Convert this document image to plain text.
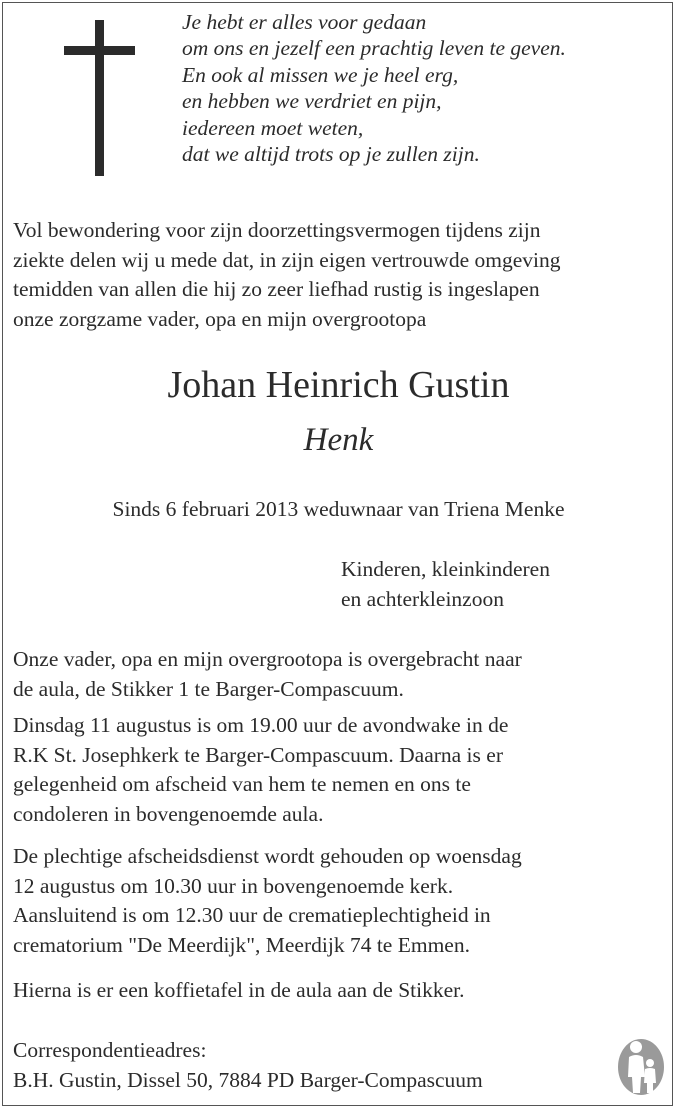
Je hebt er alles voor gedaan
om ons en jezelf een prachtig leven te geven.
En ook al missen we je heel erg,
en hebben we verdriet en pijn,
iedereen moet weten,
dat we altijd trots op je zullen zijn.
Vol bewondering voor zijn doorzettingsvermogen tijdens zijn
ziekte delen wij u mede dat, in zijn eigen vertrouwde omgeving
temidden van allen die hij zo zeer liefhad rustig is ingeslapen
onze zorgzame vader, opa en mijn overgrootopa
Johan Heinrich Gustin
Henk
Sinds 6 februari 2013 weduwnaar van Triena Menke
Kinderen, kleinkinderen
en achterkleinzoon
Onze vader, opa en mijn overgrootopa is overgebracht naar
de aula, de Stikker 1 te Barger-Compascuum.
Dinsdag 11 augustus is om 19.00 uur de avondwake in de
R.K St. Josephkerk te Barger-Compascuum. Daarna is er
gelegenheid om afscheid van hem te nemen en ons te
condoleren in bovengenoemde aula.
De plechtige afscheidsdienst wordt gehouden op woensdag
12 augustus om 10.30 uur in bovengenoemde kerk.
Aansluitend is om 12.30 uur de crematieplechtigheid in
crematorium "De Meerdijk", Meerdijk 74 te Emmen.
Hierna is er een koffietafel in de aula aan de Stikker.
Correspondentieadres:
B.H. Gustin, Dissel 50, 7884 PD Barger-Compascuum
